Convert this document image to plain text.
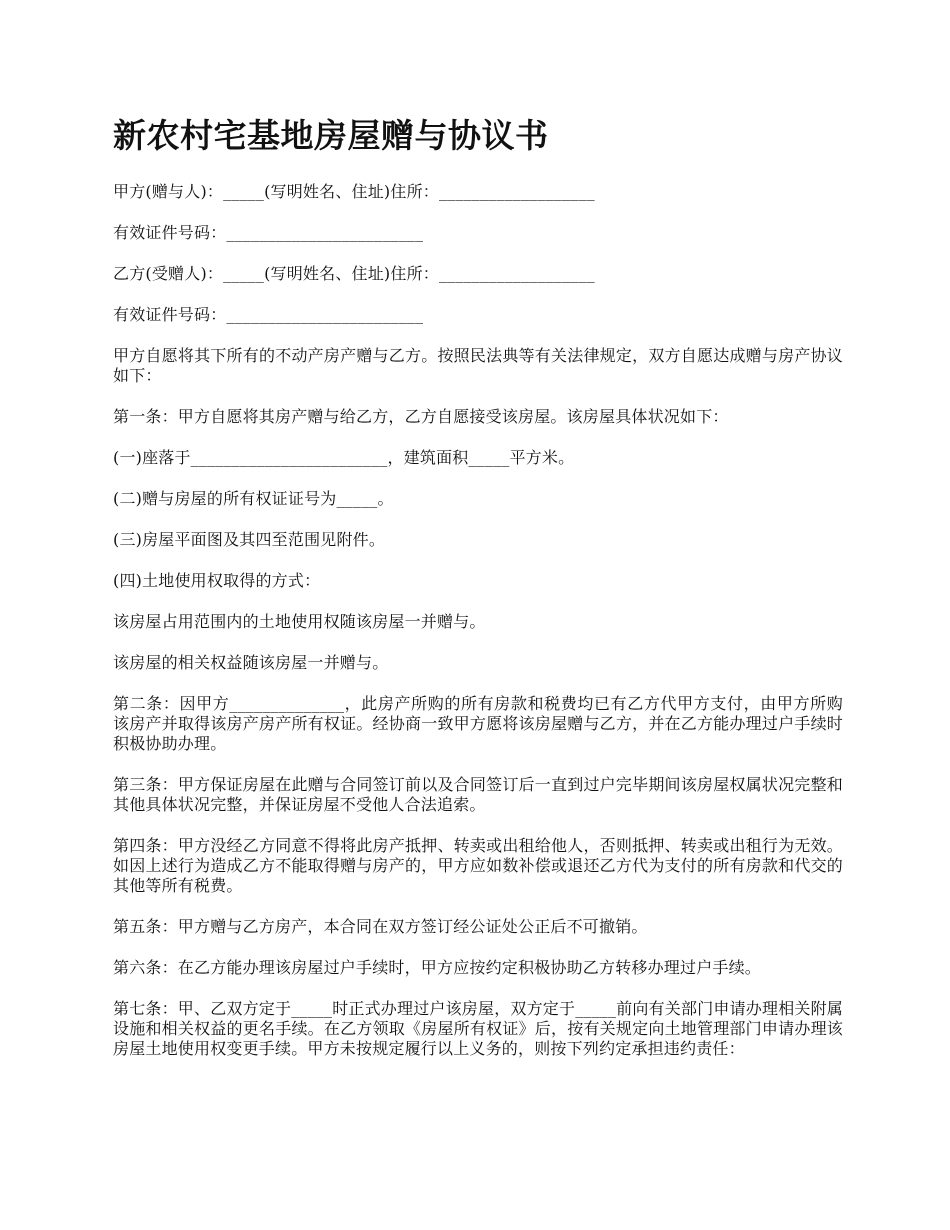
新农村宅基地房屋赠与协议书

甲方(赠与人)：_____(写明姓名、住址)住所：___________________

有效证件号码：________________________

乙方(受赠人)：_____(写明姓名、住址)住所：___________________

有效证件号码：________________________

甲方自愿将其下所有的不动产房产赠与乙方。按照民法典等有关法律规定，双方自愿达成赠与房产协议如下：

第一条：甲方自愿将其房产赠与给乙方，乙方自愿接受该房屋。该房屋具体状况如下：

(一)座落于________________________，建筑面积_____平方米。

(二)赠与房屋的所有权证证号为_____。

(三)房屋平面图及其四至范围见附件。

(四)土地使用权取得的方式：

该房屋占用范围内的土地使用权随该房屋一并赠与。

该房屋的相关权益随该房屋一并赠与。

第二条：因甲方______________，此房产所购的所有房款和税费均已有乙方代甲方支付，由甲方所购该房产并取得该房产房产所有权证。经协商一致甲方愿将该房屋赠与乙方，并在乙方能办理过户手续时积极协助办理。

第三条：甲方保证房屋在此赠与合同签订前以及合同签订后一直到过户完毕期间该房屋权属状况完整和其他具体状况完整，并保证房屋不受他人合法追索。

第四条：甲方没经乙方同意不得将此房产抵押、转卖或出租给他人，否则抵押、转卖或出租行为无效。如因上述行为造成乙方不能取得赠与房产的，甲方应如数补偿或退还乙方代为支付的所有房款和代交的其他等所有税费。

第五条：甲方赠与乙方房产，本合同在双方签订经公证处公正后不可撤销。

第六条：在乙方能办理该房屋过户手续时，甲方应按约定积极协助乙方转移办理过户手续。

第七条：甲、乙双方定于_____时正式办理过户该房屋，双方定于_____前向有关部门申请办理相关附属设施和相关权益的更名手续。在乙方领取《房屋所有权证》后，按有关规定向土地管理部门申请办理该房屋土地使用权变更手续。甲方未按规定履行以上义务的，则按下列约定承担违约责任：
